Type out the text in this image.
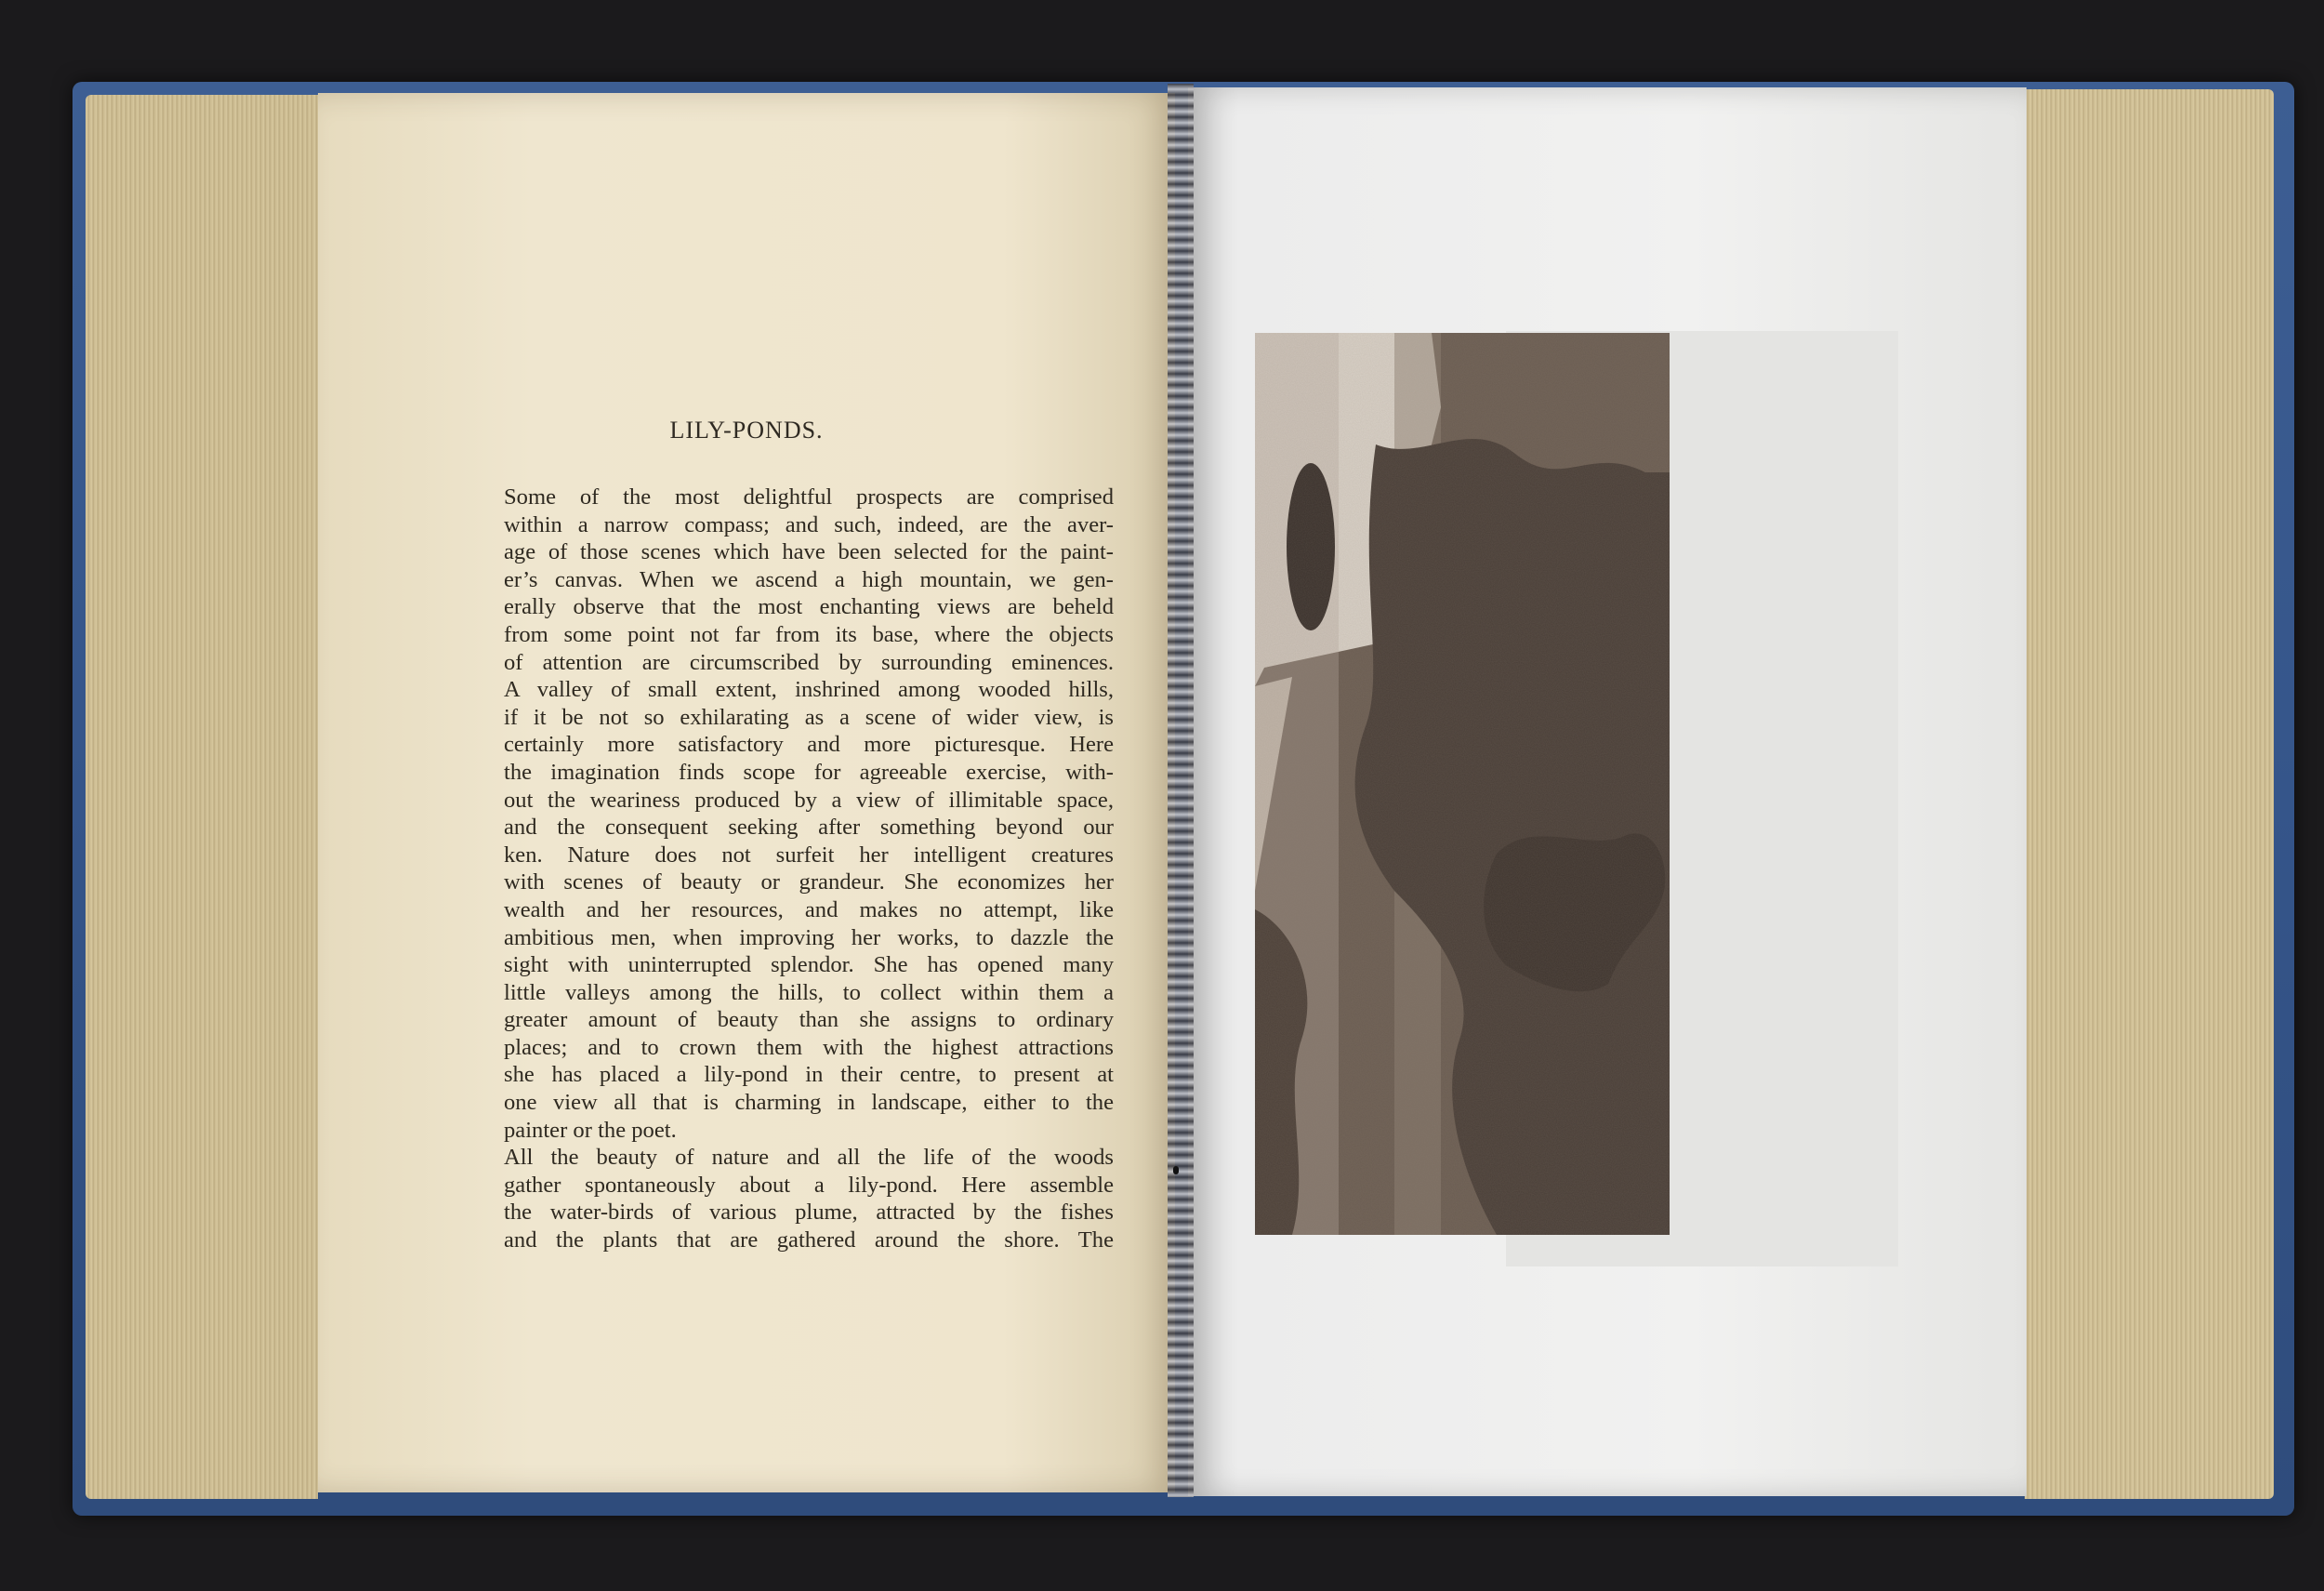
LILY-PONDS.
Some of the most delightful prospects are comprised
within a narrow compass; and such, indeed, are the aver-
age of those scenes which have been selected for the paint-
er’s canvas. When we ascend a high mountain, we gen-
erally observe that the most enchanting views are beheld
from some point not far from its base, where the objects
of attention are circumscribed by surrounding eminences.
A valley of small extent, inshrined among wooded hills,
if it be not so exhilarating as a scene of wider view, is
certainly more satisfactory and more picturesque. Here
the imagination finds scope for agreeable exercise, with-
out the weariness produced by a view of illimitable space,
and the consequent seeking after something beyond our
ken. Nature does not surfeit her intelligent creatures
with scenes of beauty or grandeur. She economizes her
wealth and her resources, and makes no attempt, like
ambitious men, when improving her works, to dazzle the
sight with uninterrupted splendor. She has opened many
little valleys among the hills, to collect within them a
greater amount of beauty than she assigns to ordinary
places; and to crown them with the highest attractions
she has placed a lily-pond in their centre, to present at
one view all that is charming in landscape, either to the
painter or the poet.
All the beauty of nature and all the life of the woods
gather spontaneously about a lily-pond. Here assemble
the water-birds of various plume, attracted by the fishes
and the plants that are gathered around the shore. The
